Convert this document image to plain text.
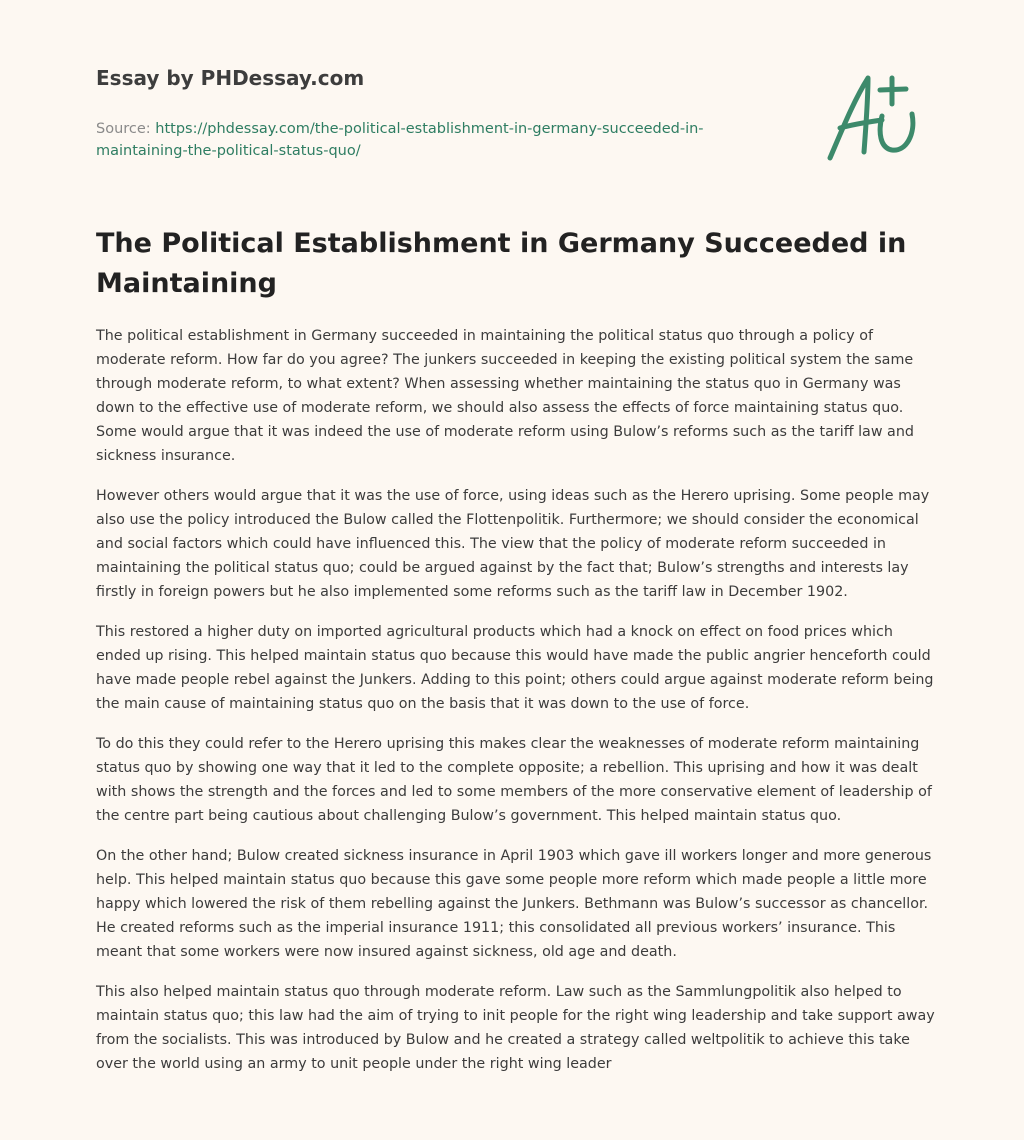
Essay by PHDessay.com
Source: https://phdessay.com/the-political-establishment-in-germany-succeeded-in-
maintaining-the-political-status-quo/
The Political Establishment in Germany Succeeded in
Maintaining

The political establishment in Germany succeeded in maintaining the political status quo through a policy of moderate reform. How far do you agree? The junkers succeeded in keeping the existing political system the same through moderate reform, to what extent? When assessing whether maintaining the status quo in Germany was down to the effective use of moderate reform, we should also assess the effects of force maintaining status quo. Some would argue that it was indeed the use of moderate reform using Bulow’s reforms such as the tariff law and sickness insurance.

However others would argue that it was the use of force, using ideas such as the Herero uprising. Some people may also use the policy introduced the Bulow called the Flottenpolitik. Furthermore; we should consider the economical and social factors which could have influenced this. The view that the policy of moderate reform succeeded in maintaining the political status quo; could be argued against by the fact that; Bulow’s strengths and interests lay firstly in foreign powers but he also implemented some reforms such as the tariff law in December 1902.

This restored a higher duty on imported agricultural products which had a knock on effect on food prices which ended up rising. This helped maintain status quo because this would have made the public angrier henceforth could have made people rebel against the Junkers. Adding to this point; others could argue against moderate reform being the main cause of maintaining status quo on the basis that it was down to the use of force.

To do this they could refer to the Herero uprising this makes clear the weaknesses of moderate reform maintaining status quo by showing one way that it led to the complete opposite; a rebellion. This uprising and how it was dealt with shows the strength and the forces and led to some members of the more conservative element of leadership of the centre part being cautious about challenging Bulow’s government. This helped maintain status quo.

On the other hand; Bulow created sickness insurance in April 1903 which gave ill workers longer and more generous help. This helped maintain status quo because this gave some people more reform which made people a little more happy which lowered the risk of them rebelling against the Junkers. Bethmann was Bulow’s successor as chancellor. He created reforms such as the imperial insurance 1911; this consolidated all previous workers’ insurance. This meant that some workers were now insured against sickness, old age and death.

This also helped maintain status quo through moderate reform. Law such as the Sammlungpolitik also helped to maintain status quo; this law had the aim of trying to init people for the right wing leadership and take support away from the socialists. This was introduced by Bulow and he created a strategy called weltpolitik to achieve this take over the world using an army to unit people under the right wing leader
